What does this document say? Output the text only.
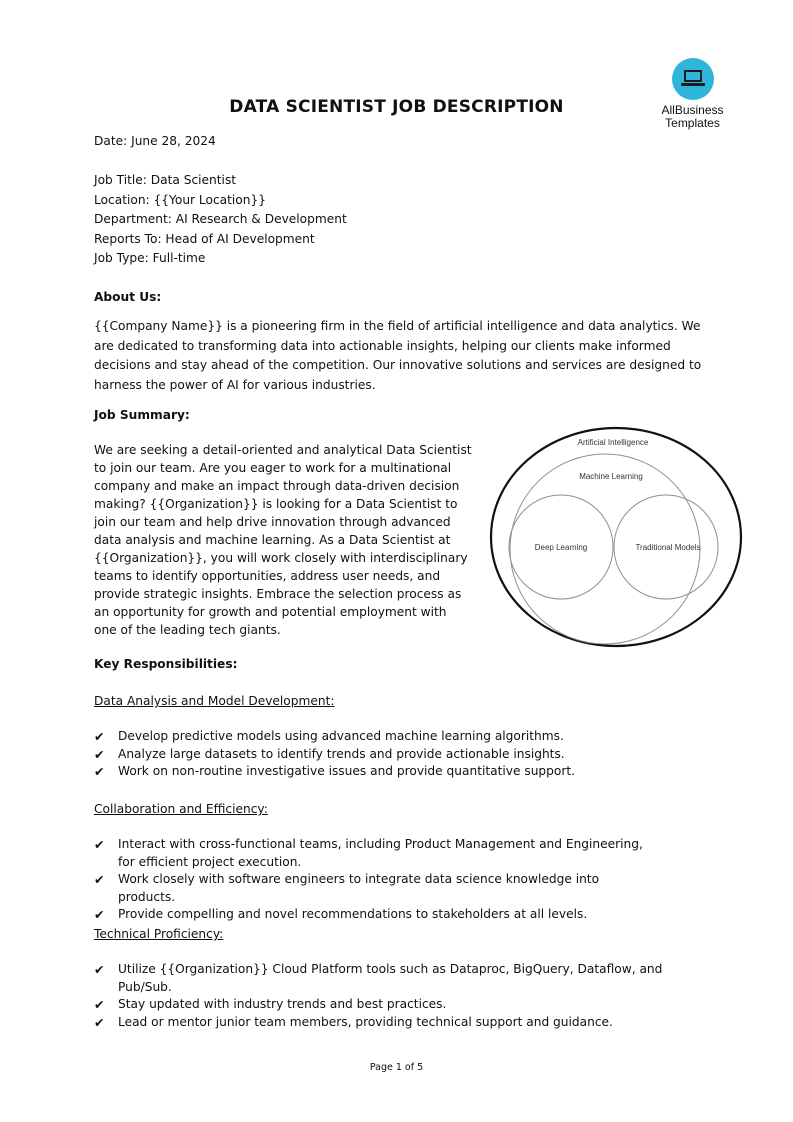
AllBusiness
Templates
DATA SCIENTIST JOB DESCRIPTION
Date: June 28, 2024
Job Title: Data Scientist
Location: {{Your Location}}
Department: AI Research & Development
Reports To: Head of AI Development
Job Type: Full-time
About Us:
{{Company Name}} is a pioneering firm in the field of artificial intelligence and data analytics. We are dedicated to transforming data into actionable insights, helping our clients make informed decisions and stay ahead of the competition. Our innovative solutions and services are designed to harness the power of AI for various industries.
Job Summary:
We are seeking a detail-oriented and analytical Data Scientist to join our team. Are you eager to work for a multinational company and make an impact through data-driven decision making? {{Organization}} is looking for a Data Scientist to join our team and help drive innovation through advanced data analysis and machine learning. As a Data Scientist at {{Organization}}, you will work closely with interdisciplinary teams to identify opportunities, address user needs, and provide strategic insights. Embrace the selection process as an opportunity for growth and potential employment with one of the leading tech giants.
Artificial Intelligence
Machine Learning
Deep Learning	Traditional Models
Key Responsibilities:
Data Analysis and Model Development:
✔ Develop predictive models using advanced machine learning algorithms.
✔ Analyze large datasets to identify trends and provide actionable insights.
✔ Work on non-routine investigative issues and provide quantitative support.
Collaboration and Efficiency:
✔ Interact with cross-functional teams, including Product Management and Engineering, for efficient project execution.
✔ Work closely with software engineers to integrate data science knowledge into products.
✔ Provide compelling and novel recommendations to stakeholders at all levels.
Technical Proficiency:
✔ Utilize {{Organization}} Cloud Platform tools such as Dataproc, BigQuery, Dataflow, and Pub/Sub.
✔ Stay updated with industry trends and best practices.
✔ Lead or mentor junior team members, providing technical support and guidance.
Page 1 of 5
